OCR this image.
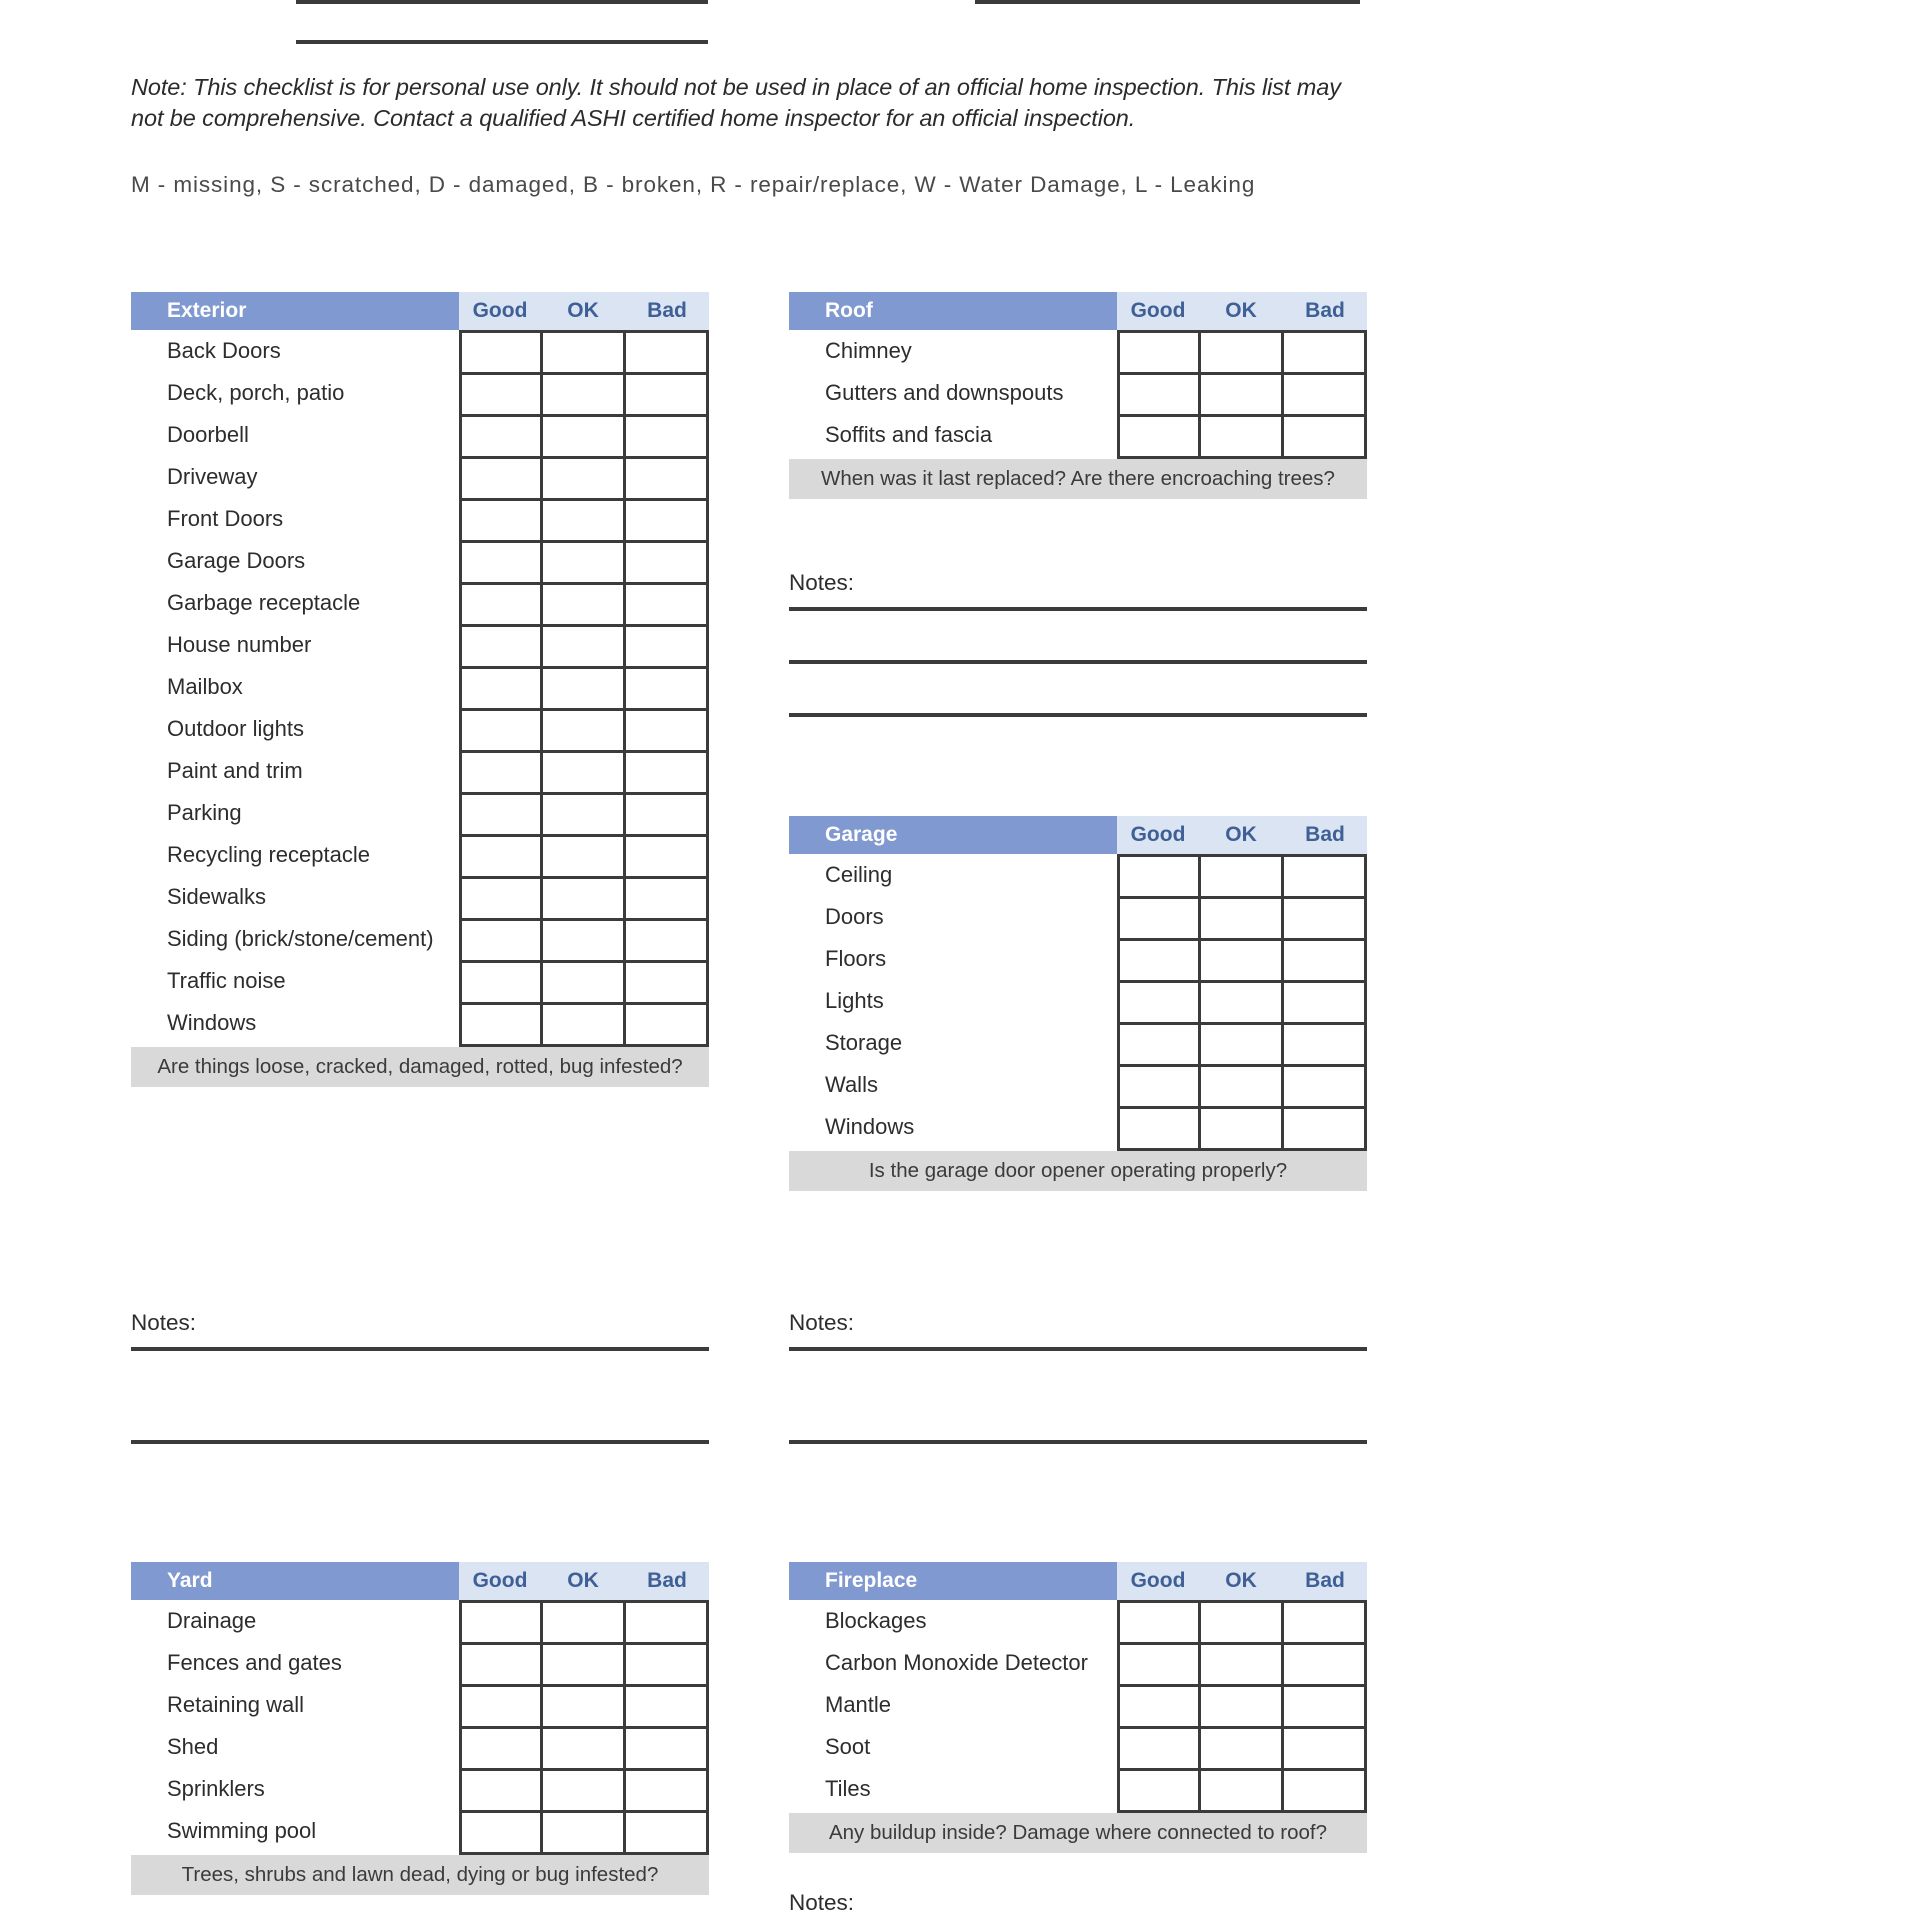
Note: This checklist is for personal use only. It should not be used in place of an official home inspection. This list may not be comprehensive. Contact a qualified ASHI certified home inspector for an official inspection.
M - missing, S - scratched, D - damaged, B - broken, R - repair/replace, W - Water Damage, L - Leaking
Exterior	Good	OK	Bad
Back Doors
Deck, porch, patio
Doorbell
Driveway
Front Doors
Garage Doors
Garbage receptacle
House number
Mailbox
Outdoor lights
Paint and trim
Parking
Recycling receptacle
Sidewalks
Siding (brick/stone/cement)
Traffic noise
Windows
Are things loose, cracked, damaged, rotted, bug infested?
Notes:
Roof	Good	OK	Bad
Chimney
Gutters and downspouts
Soffits and fascia
When was it last replaced? Are there encroaching trees?
Notes:
Garage	Good	OK	Bad
Ceiling
Doors
Floors
Lights
Storage
Walls
Windows
Is the garage door opener operating properly?
Notes:
Yard	Good	OK	Bad
Drainage
Fences and gates
Retaining wall
Shed
Sprinklers
Swimming pool
Trees, shrubs and lawn dead, dying or bug infested?
Fireplace	Good	OK	Bad
Blockages
Carbon Monoxide Detector
Mantle
Soot
Tiles
Any buildup inside? Damage where connected to roof?
Notes:
